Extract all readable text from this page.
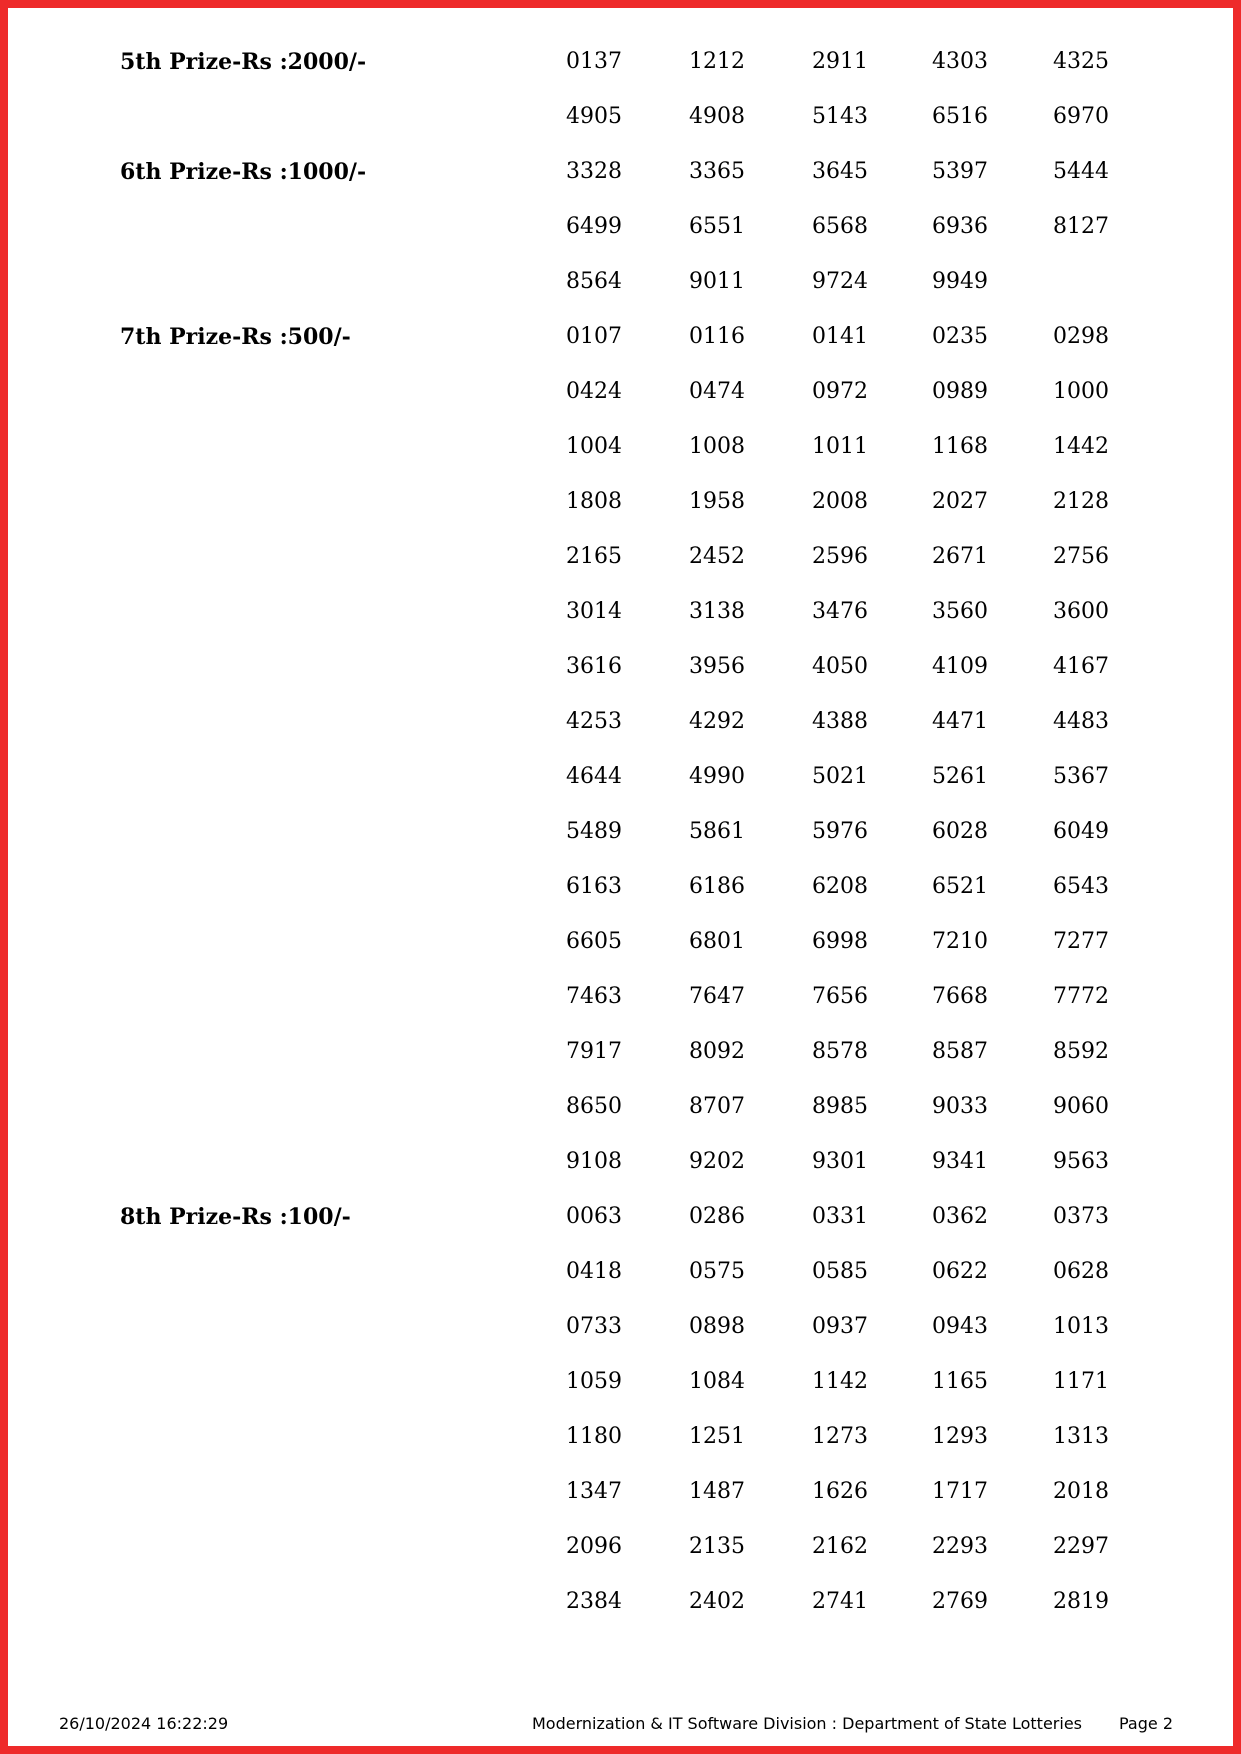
5th Prize-Rs :2000/-	0137	1212	2911	4303	4325
4905	4908	5143	6516	6970
6th Prize-Rs :1000/-	3328	3365	3645	5397	5444
6499	6551	6568	6936	8127
8564	9011	9724	9949
7th Prize-Rs :500/-	0107	0116	0141	0235	0298
0424	0474	0972	0989	1000
1004	1008	1011	1168	1442
1808	1958	2008	2027	2128
2165	2452	2596	2671	2756
3014	3138	3476	3560	3600
3616	3956	4050	4109	4167
4253	4292	4388	4471	4483
4644	4990	5021	5261	5367
5489	5861	5976	6028	6049
6163	6186	6208	6521	6543
6605	6801	6998	7210	7277
7463	7647	7656	7668	7772
7917	8092	8578	8587	8592
8650	8707	8985	9033	9060
9108	9202	9301	9341	9563
8th Prize-Rs :100/-	0063	0286	0331	0362	0373
0418	0575	0585	0622	0628
0733	0898	0937	0943	1013
1059	1084	1142	1165	1171
1180	1251	1273	1293	1313
1347	1487	1626	1717	2018
2096	2135	2162	2293	2297
2384	2402	2741	2769	2819
26/10/2024 16:22:29	Modernization & IT Software Division : Department of State Lotteries Page 2
